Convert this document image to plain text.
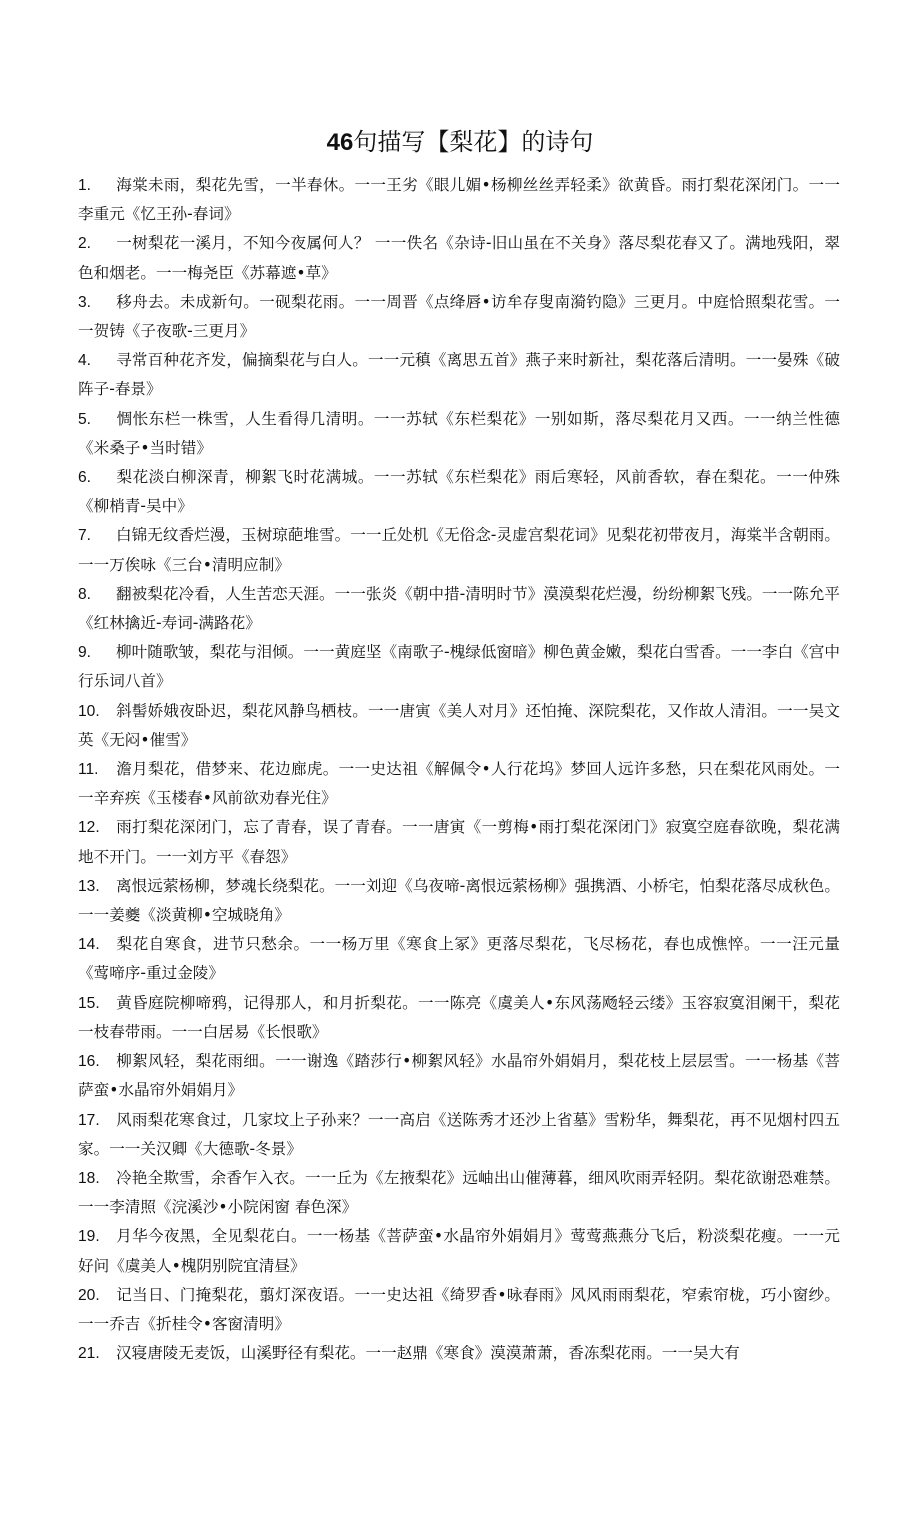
46句描写【梨花】的诗句
1. 海棠未雨，梨花先雪，一半春休。一一王劣《眼儿媚•杨柳丝丝弄轻柔》欲黄昏。雨打梨花深闭门。一一李重元《忆王孙-春词》
2. 一树梨花一溪月，不知今夜属何人？ 一一佚名《杂诗-旧山虽在不关身》落尽梨花春又了。满地残阳，翠色和烟老。一一梅尧臣《苏幕遮•草》
3. 移舟去。未成新句。一砚梨花雨。一一周晋《点绛唇•访牟存叟南漪钓隐》三更月。中庭恰照梨花雪。一一贺铸《子夜歌-三更月》
4. 寻常百种花齐发，偏摘梨花与白人。一一元稹《离思五首》燕子来时新社，梨花落后清明。一一晏殊《破阵子-春景》
5. 惆怅东栏一株雪，人生看得几清明。一一苏轼《东栏梨花》一别如斯，落尽梨花月又西。一一纳兰性德《米桑子•当时错》
6. 梨花淡白柳深青，柳絮飞时花满城。一一苏轼《东栏梨花》雨后寒轻，风前香软，春在梨花。一一仲殊《柳梢青-吴中》
7. 白锦无纹香烂漫，玉树琼葩堆雪。一一丘处机《无俗念-灵虚宫梨花词》见梨花初带夜月，海棠半含朝雨。一一万俟咏《三台•清明应制》
8. 翻被梨花冷看，人生苦恋天涯。一一张炎《朝中措-清明时节》漠漠梨花烂漫，纷纷柳絮飞残。一一陈允平《红林擒近-寿词-满路花》
9. 柳叶随歌皱，梨花与泪倾。一一黄庭坚《南歌子-槐绿低窗暗》柳色黄金嫩，梨花白雪香。一一李白《宫中行乐词八首》
10. 斜髻娇娥夜卧迟，梨花风静鸟栖枝。一一唐寅《美人对月》还怕掩、深院梨花，又作故人清泪。一一吴文英《无闷•催雪》
11. 澹月梨花，借梦来、花边廊虎。一一史达祖《解佩令•人行花坞》梦回人远许多愁，只在梨花风雨处。一一辛弃疾《玉楼春•风前欲劝春光住》
12. 雨打梨花深闭门，忘了青春，误了青春。一一唐寅《一剪梅•雨打梨花深闭门》寂寞空庭春欲晚，梨花满地不开门。一一刘方平《春怨》
13. 离恨远萦杨柳，梦魂长绕梨花。一一刘迎《乌夜啼-离恨远萦杨柳》强携酒、小桥宅，怕梨花落尽成秋色。一一姜夔《淡黄柳•空城晓角》
14. 梨花自寒食，进节只愁余。一一杨万里《寒食上冢》更落尽梨花，飞尽杨花，春也成憔悴。一一汪元量《莺啼序-重过金陵》
15. 黄昏庭院柳啼鸦，记得那人，和月折梨花。一一陈亮《虞美人•东风荡飏轻云缕》玉容寂寞泪阑干，梨花一枝春带雨。一一白居易《长恨歌》
16. 柳絮风轻，梨花雨细。一一谢逸《踏莎行•柳絮风轻》水晶帘外娟娟月，梨花枝上层层雪。一一杨基《菩萨蛮•水晶帘外娟娟月》
17. 风雨梨花寒食过，几家坟上子孙来？一一高启《送陈秀才还沙上省墓》雪粉华，舞梨花，再不见烟村四五家。一一关汉卿《大德歌-冬景》
18. 冷艳全欺雪，余香乍入衣。一一丘为《左掖梨花》远岫出山催薄暮，细风吹雨弄轻阴。梨花欲谢恐难禁。一一李清照《浣溪沙•小院闲窗 春色深》
19. 月华今夜黑，全见梨花白。一一杨基《菩萨蛮•水晶帘外娟娟月》莺莺燕燕分飞后，粉淡梨花瘦。一一元好问《虞美人•槐阴别院宜清昼》
20. 记当日、门掩梨花，翦灯深夜语。一一史达祖《绮罗香•咏春雨》风风雨雨梨花，窄索帘栊，巧小窗纱。一一乔吉《折桂令•客窗清明》
21. 汉寝唐陵无麦饭，山溪野径有梨花。一一赵鼎《寒食》漠漠萧萧，香冻梨花雨。一一吴大有
